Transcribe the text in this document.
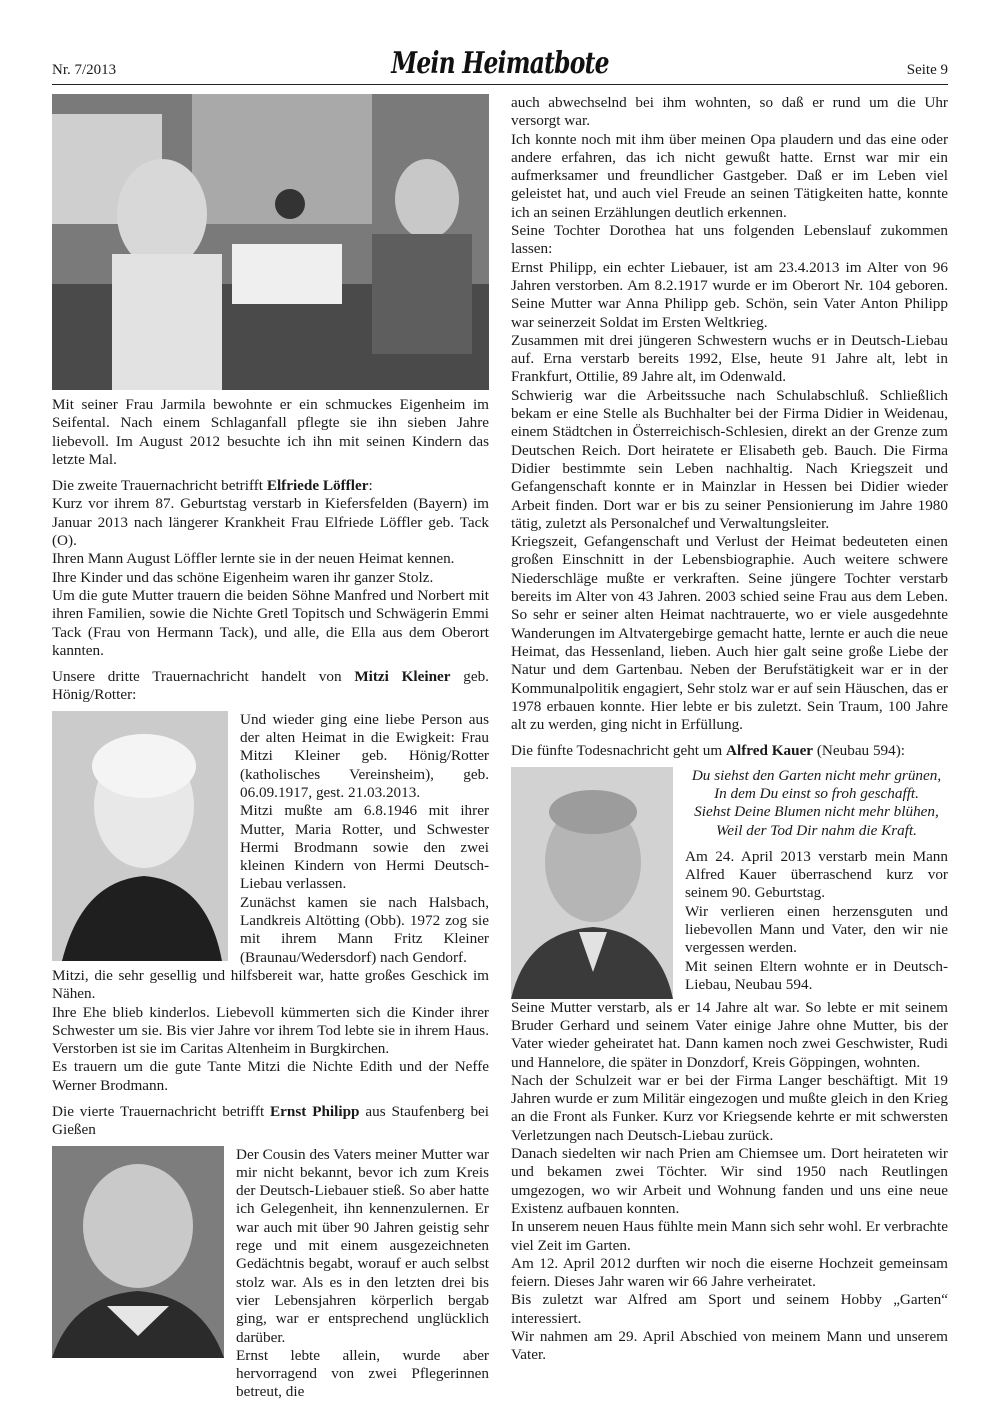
Nr. 7/2013	Mein Heimatbote	Seite 9

Mit seiner Frau Jarmila bewohnte er ein schmuckes Eigenheim im Seifental. Nach einem Schlaganfall pflegte sie ihn sieben Jahre liebevoll. Im August 2012 besuchte ich ihn mit seinen Kindern das letzte Mal.

Die zweite Trauernachricht betrifft Elfriede Löffler:

Kurz vor ihrem 87. Geburtstag verstarb in Kiefersfelden (Bayern) im Januar 2013 nach längerer Krankheit Frau Elfriede Löffler geb. Tack (O).

Ihren Mann August Löffler lernte sie in der neuen Heimat kennen.

Ihre Kinder und das schöne Eigenheim waren ihr ganzer Stolz.

Um die gute Mutter trauern die beiden Söhne Manfred und Norbert mit ihren Familien, sowie die Nichte Gretl Topitsch und Schwägerin Emmi Tack (Frau von Hermann Tack), und alle, die Ella aus dem Oberort kannten.

Unsere dritte Trauernachricht handelt von Mitzi Kleiner geb. Hönig/Rotter:

Und wieder ging eine liebe Person aus der alten Heimat in die Ewigkeit: Frau Mitzi Kleiner geb. Hönig/Rotter (katholisches Vereinsheim), geb. 06.09.1917, gest. 21.03.2013.

Mitzi mußte am 6.8.1946 mit ihrer Mutter, Maria Rotter, und Schwester Hermi Brodmann sowie den zwei kleinen Kindern von Hermi Deutsch-Liebau verlassen.

Zunächst kamen sie nach Halsbach, Landkreis Altötting (Obb). 1972 zog sie mit ihrem Mann Fritz Kleiner (Braunau/Wedersdorf) nach Gendorf.

Mitzi, die sehr gesellig und hilfsbereit war, hatte großes Geschick im Nähen.

Ihre Ehe blieb kinderlos. Liebevoll kümmerten sich die Kinder ihrer Schwester um sie. Bis vier Jahre vor ihrem Tod lebte sie in ihrem Haus. Verstorben ist sie im Caritas Altenheim in Burgkirchen.

Es trauern um die gute Tante Mitzi die Nichte Edith und der Neffe Werner Brodmann.

Die vierte Trauernachricht betrifft Ernst Philipp aus Staufenberg bei Gießen

Der Cousin des Vaters meiner Mutter war mir nicht bekannt, bevor ich zum Kreis der Deutsch-Liebauer stieß. So aber hatte ich Gelegenheit, ihn kennenzulernen. Er war auch mit über 90 Jahren geistig sehr rege und mit einem ausgezeichneten Gedächtnis begabt, worauf er auch selbst stolz war. Als es in den letzten drei bis vier Lebensjahren körperlich bergab ging, war er entsprechend unglücklich darüber.

Ernst lebte allein, wurde aber hervorragend von zwei Pflegerinnen betreut, die

auch abwechselnd bei ihm wohnten, so daß er rund um die Uhr versorgt war.

Ich konnte noch mit ihm über meinen Opa plaudern und das eine oder andere erfahren, das ich nicht gewußt hatte. Ernst war mir ein aufmerksamer und freundlicher Gastgeber. Daß er im Leben viel geleistet hat, und auch viel Freude an seinen Tätigkeiten hatte, konnte ich an seinen Erzählungen deutlich erkennen.

Seine Tochter Dorothea hat uns folgenden Lebenslauf zukommen lassen:

Ernst Philipp, ein echter Liebauer, ist am 23.4.2013 im Alter von 96 Jahren verstorben. Am 8.2.1917 wurde er im Oberort Nr. 104 geboren. Seine Mutter war Anna Philipp geb. Schön, sein Vater Anton Philipp war seinerzeit Soldat im Ersten Weltkrieg.

Zusammen mit drei jüngeren Schwestern wuchs er in Deutsch-Liebau auf. Erna verstarb bereits 1992, Else, heute 91 Jahre alt, lebt in Frankfurt, Ottilie, 89 Jahre alt, im Odenwald.

Schwierig war die Arbeitssuche nach Schulabschluß. Schließlich bekam er eine Stelle als Buchhalter bei der Firma Didier in Weidenau, einem Städtchen in Österreichisch-Schlesien, direkt an der Grenze zum Deutschen Reich. Dort heiratete er Elisabeth geb. Bauch. Die Firma Didier bestimmte sein Leben nachhaltig. Nach Kriegszeit und Gefangenschaft konnte er in Mainzlar in Hessen bei Didier wieder Arbeit finden. Dort war er bis zu seiner Pensionierung im Jahre 1980 tätig, zuletzt als Personalchef und Verwaltungsleiter.

Kriegszeit, Gefangenschaft und Verlust der Heimat bedeuteten einen großen Einschnitt in der Lebensbiographie. Auch weitere schwere Niederschläge mußte er verkraften. Seine jüngere Tochter verstarb bereits im Alter von 43 Jahren. 2003 schied seine Frau aus dem Leben. So sehr er seiner alten Heimat nachtrauerte, wo er viele ausgedehnte Wanderungen im Altvatergebirge gemacht hatte, lernte er auch die neue Heimat, das Hessenland, lieben. Auch hier galt seine große Liebe der Natur und dem Gartenbau. Neben der Berufstätigkeit war er in der Kommunalpolitik engagiert, Sehr stolz war er auf sein Häuschen, das er 1978 erbauen konnte. Hier lebte er bis zuletzt. Sein Traum, 100 Jahre alt zu werden, ging nicht in Erfüllung.

Die fünfte Todesnachricht geht um Alfred Kauer (Neubau 594):

Du siehst den Garten nicht mehr grünen,

In dem Du einst so froh geschafft.

Siehst Deine Blumen nicht mehr blühen,

Weil der Tod Dir nahm die Kraft.

Am 24. April 2013 verstarb mein Mann Alfred Kauer überraschend kurz vor seinem 90. Geburtstag.

Wir verlieren einen herzensguten und liebevollen Mann und Vater, den wir nie vergessen werden.

Mit seinen Eltern wohnte er in Deutsch-Liebau, Neubau 594.

Seine Mutter verstarb, als er 14 Jahre alt war. So lebte er mit seinem Bruder Gerhard und seinem Vater einige Jahre ohne Mutter, bis der Vater wieder geheiratet hat. Dann kamen noch zwei Geschwister, Rudi und Hannelore, die später in Donzdorf, Kreis Göppingen, wohnten.

Nach der Schulzeit war er bei der Firma Langer beschäftigt. Mit 19 Jahren wurde er zum Militär eingezogen und mußte gleich in den Krieg an die Front als Funker. Kurz vor Kriegsende kehrte er mit schwersten Verletzungen nach Deutsch-Liebau zurück.

Danach siedelten wir nach Prien am Chiemsee um. Dort heirateten wir und bekamen zwei Töchter. Wir sind 1950 nach Reutlingen umgezogen, wo wir Arbeit und Wohnung fanden und uns eine neue Existenz aufbauen konnten.

In unserem neuen Haus fühlte mein Mann sich sehr wohl. Er verbrachte viel Zeit im Garten.

Am 12. April 2012 durften wir noch die eiserne Hochzeit gemeinsam feiern. Dieses Jahr waren wir 66 Jahre verheiratet.

Bis zuletzt war Alfred am Sport und seinem Hobby „Garten“ interessiert.

Wir nahmen am 29. April Abschied von meinem Mann und unserem Vater.
